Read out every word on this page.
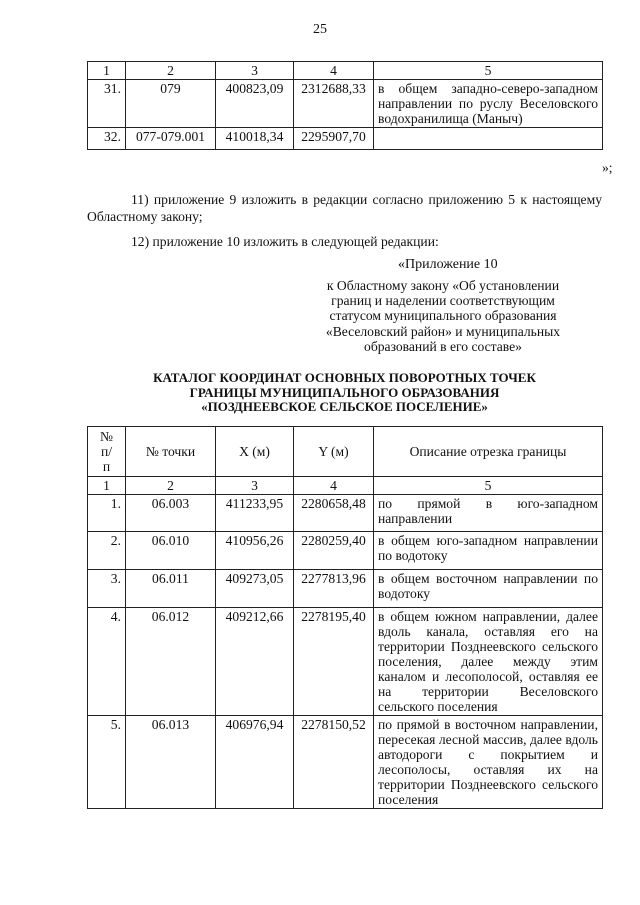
25
1	2	3	4	5
31.	079	400823,09	2312688,33	в общем западно-северо-западном направлении по руслу Веселовского водохранилища (Маныч)
32.	077-079.001	410018,34	2295907,70	
»;
11) приложение 9 изложить в редакции согласно приложению 5 к настоящему Областному закону;
12) приложение 10 изложить в следующей редакции:
«Приложение 10
к Областному закону «Об установлении границ и наделении соответствующим статусом муниципального образования «Веселовский район» и муниципальных образований в его составе»
КАТАЛОГ КООРДИНАТ ОСНОВНЫХ ПОВОРОТНЫХ ТОЧЕК
ГРАНИЦЫ МУНИЦИПАЛЬНОГО ОБРАЗОВАНИЯ
«ПОЗДНЕЕВСКОЕ СЕЛЬСКОЕ ПОСЕЛЕНИЕ»
№ п/п	№ точки	X (м)	Y (м)	Описание отрезка границы
1	2	3	4	5
1.	06.003	411233,95	2280658,48	по прямой в юго-западном направлении
2.	06.010	410956,26	2280259,40	в общем юго-западном направлении по водотоку
3.	06.011	409273,05	2277813,96	в общем восточном направлении по водотоку
4.	06.012	409212,66	2278195,40	в общем южном направлении, далее вдоль канала, оставляя его на территории Позднеевского сельского поселения, далее между этим каналом и лесополосой, оставляя ее на территории Веселовского сельского поселения
5.	06.013	406976,94	2278150,52	по прямой в восточном направлении, пересекая лесной массив, далее вдоль автодороги с покрытием и лесополосы, оставляя их на территории Позднеевского сельского поселения
